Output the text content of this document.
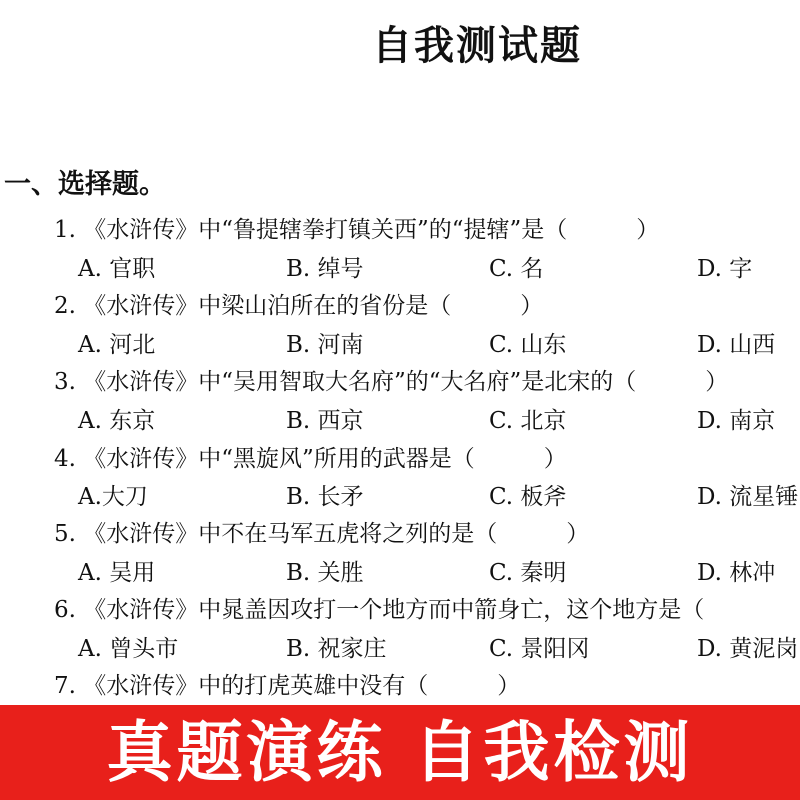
自我测试题
一、选择题。
1. 《水浒传》中“鲁提辖拳打镇关西”的“提辖”是（　　　）
A. 官职	B. 绰号	C. 名	D. 字
2. 《水浒传》中梁山泊所在的省份是（　　　）
A. 河北	B. 河南	C. 山东	D. 山西
3. 《水浒传》中“吴用智取大名府”的“大名府”是北宋的（　　　）
A. 东京	B. 西京	C. 北京	D. 南京
4. 《水浒传》中“黑旋风”所用的武器是（　　　）
A.大刀	B. 长矛	C. 板斧	D. 流星锤
5. 《水浒传》中不在马军五虎将之列的是（　　　）
A. 吴用	B. 关胜	C. 秦明	D. 林冲
6. 《水浒传》中晁盖因攻打一个地方而中箭身亡，这个地方是（
A. 曾头市	B. 祝家庄	C. 景阳冈	D. 黄泥岗
7. 《水浒传》中的打虎英雄中没有（　　　）
真题演练 自我检测
